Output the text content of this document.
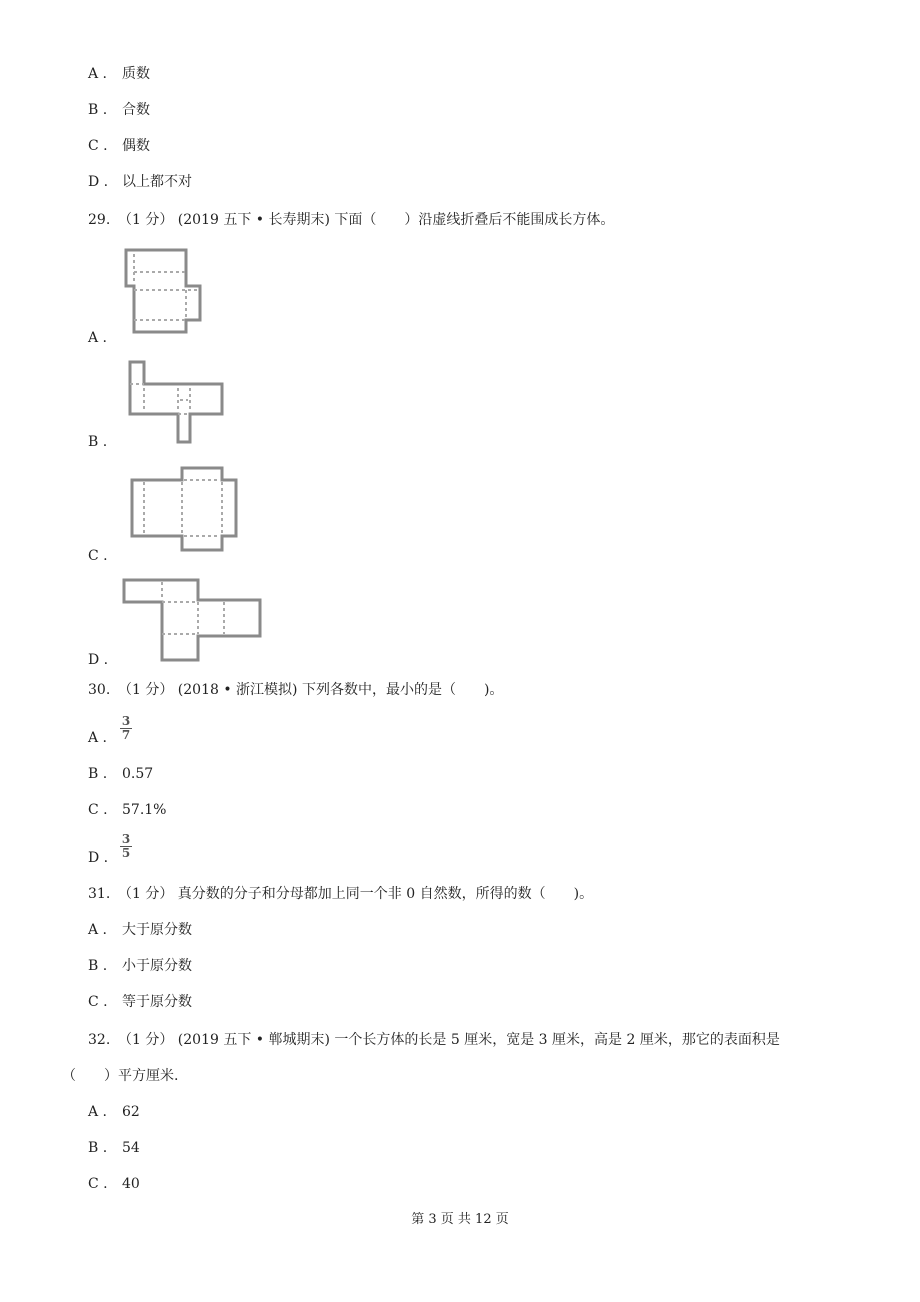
A . 质数
B . 合数
C . 偶数
D . 以上都不对
29. （1 分） (2019 五下 • 长寿期末) 下面（　　）沿虚线折叠后不能围成长方体。
A .
B .
C .
D .
30. （1 分） (2018 • 浙江模拟) 下列各数中，最小的是（　　)。
A .
3
7
B . 0.57
C . 57.1%
D .
3
5
31. （1 分） 真分数的分子和分母都加上同一个非 0 自然数，所得的数（　　)。
A . 大于原分数
B . 小于原分数
C . 等于原分数
32. （1 分） (2019 五下 • 郸城期末) 一个长方体的长是 5 厘米，宽是 3 厘米，高是 2 厘米，那它的表面积是
（　　）平方厘米.
A . 62
B . 54
C . 40
第 3 页 共 12 页
